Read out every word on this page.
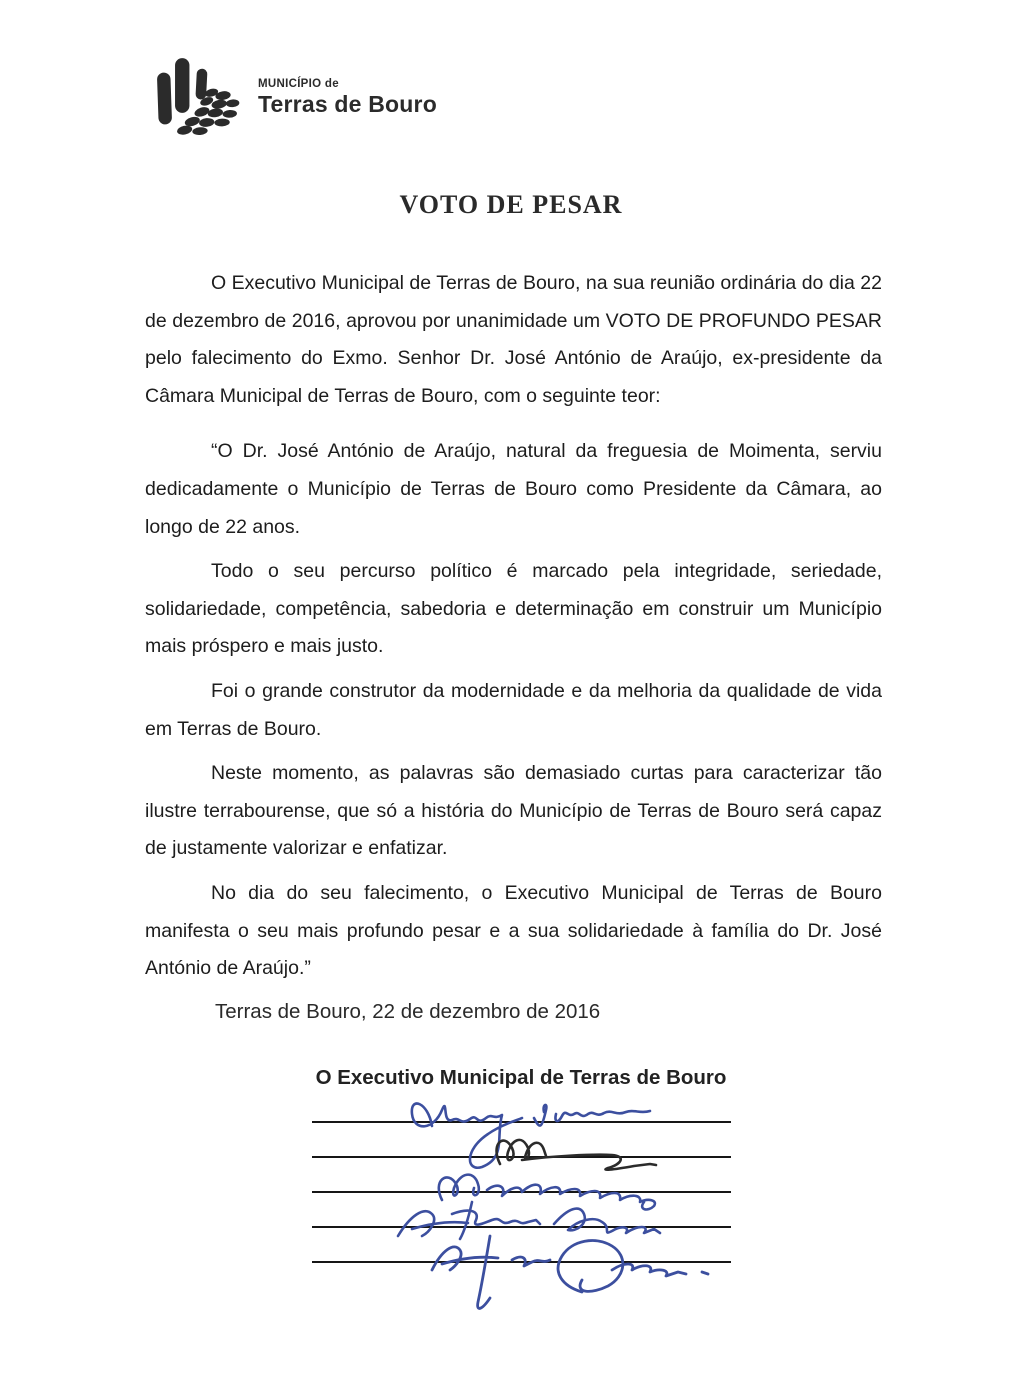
MUNICÍPIO de
Terras de Bouro
VOTO DE PESAR

O Executivo Municipal de Terras de Bouro, na sua reunião ordinária do dia 22 de dezembro de 2016, aprovou por unanimidade um VOTO DE PROFUNDO PESAR pelo falecimento do Exmo. Senhor Dr. José António de Araújo, ex-presidente da Câmara Municipal de Terras de Bouro, com o seguinte teor:

“O Dr. José António de Araújo, natural da freguesia de Moimenta, serviu dedicadamente o Município de Terras de Bouro como Presidente da Câmara, ao longo de 22 anos.

Todo o seu percurso político é marcado pela integridade, seriedade, solidariedade, competência, sabedoria e determinação em construir um Município mais próspero e mais justo.

Foi o grande construtor da modernidade e da melhoria da qualidade de vida em Terras de Bouro.

Neste momento, as palavras são demasiado curtas para caracterizar tão ilustre terrabourense, que só a história do Município de Terras de Bouro será capaz de justamente valorizar e enfatizar.

No dia do seu falecimento, o Executivo Municipal de Terras de Bouro manifesta o seu mais profundo pesar e a sua solidariedade à família do Dr. José António de Araújo.”

Terras de Bouro, 22 de dezembro de 2016
O Executivo Municipal de Terras de Bouro
